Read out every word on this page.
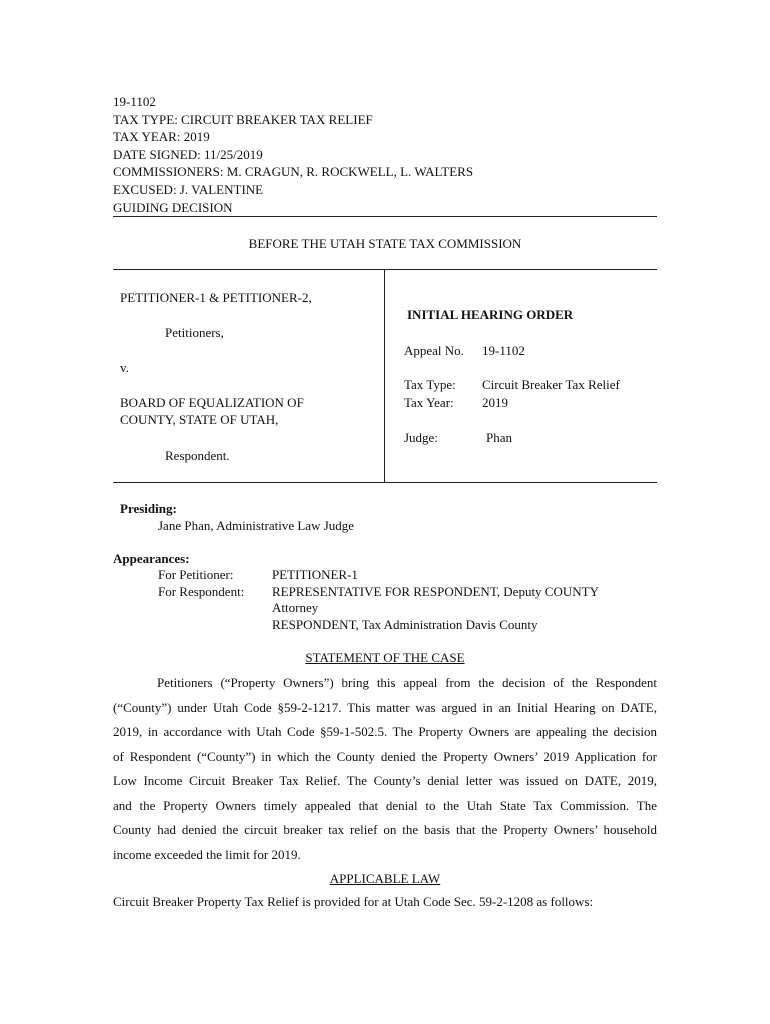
19-1102
TAX TYPE: CIRCUIT BREAKER TAX RELIEF
TAX YEAR: 2019
DATE SIGNED: 11/25/2019
COMMISSIONERS: M. CRAGUN, R. ROCKWELL, L. WALTERS
EXCUSED: J. VALENTINE
GUIDING DECISION
BEFORE THE UTAH STATE TAX COMMISSION
PETITIONER-1 & PETITIONER-2,
Petitioners,
v.
BOARD OF EQUALIZATION OF
COUNTY, STATE OF UTAH,
Respondent.
INITIAL HEARING ORDER
Appeal No. 19-1102
Tax Type: Circuit Breaker Tax Relief
Tax Year: 2019
Judge:	Phan
Presiding:
Jane Phan, Administrative Law Judge
Appearances:
For Petitioner:	PETITIONER-1
For Respondent: REPRESENTATIVE FOR RESPONDENT, Deputy COUNTY
Attorney
RESPONDENT, Tax Administration Davis County
STATEMENT OF THE CASE
Petitioners (“Property Owners”) bring this appeal from the decision of the Respondent
(“County”) under Utah Code §59-2-1217. This matter was argued in an Initial Hearing on DATE,
2019, in accordance with Utah Code §59-1-502.5. The Property Owners are appealing the decision
of Respondent (“County”) in which the County denied the Property Owners’ 2019 Application for
Low Income Circuit Breaker Tax Relief. The County’s denial letter was issued on DATE, 2019,
and the Property Owners timely appealed that denial to the Utah State Tax Commission. The
County had denied the circuit breaker tax relief on the basis that the Property Owners’ household
income exceeded the limit for 2019.
APPLICABLE LAW
Circuit Breaker Property Tax Relief is provided for at Utah Code Sec. 59-2-1208 as follows:
